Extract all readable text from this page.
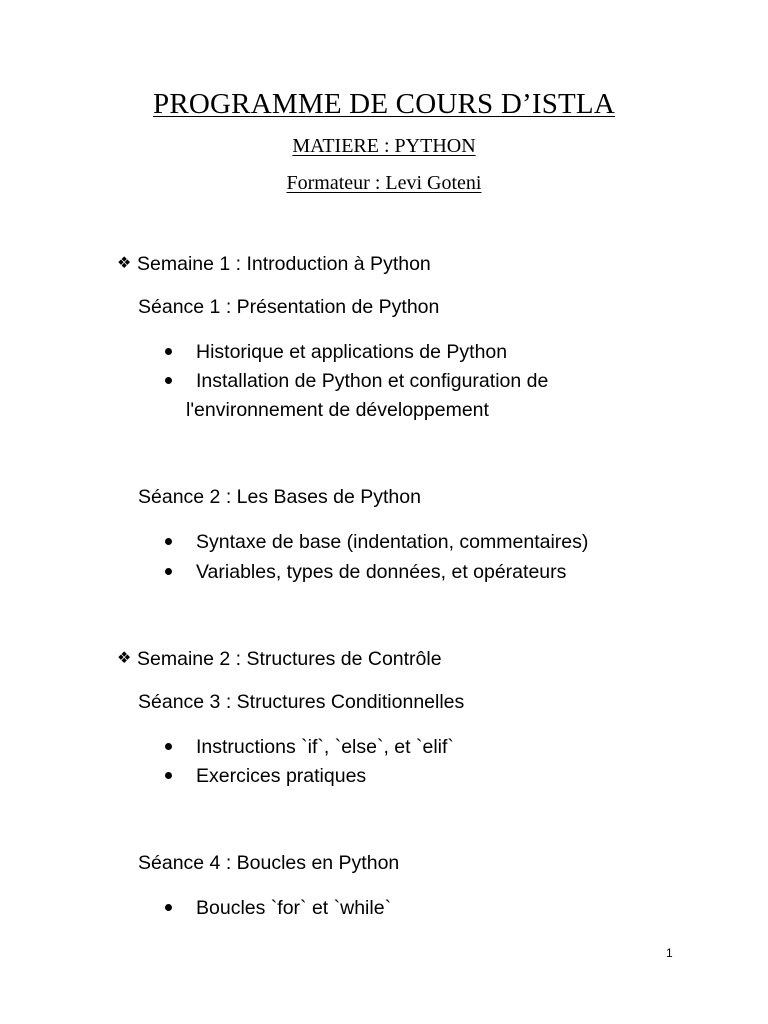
PROGRAMME DE COURS D’ISTLA
MATIERE : PYTHON
Formateur : Levi Goteni
❖ Semaine 1 : Introduction à Python
Séance 1 : Présentation de Python
Historique et applications de Python
Installation de Python et configuration de
l'environnement de développement
Séance 2 : Les Bases de Python
Syntaxe de base (indentation, commentaires)
Variables, types de données, et opérateurs
❖ Semaine 2 : Structures de Contrôle
Séance 3 : Structures Conditionnelles
Instructions `if`, `else`, et `elif`
Exercices pratiques
Séance 4 : Boucles en Python
Boucles `for` et `while`
1
